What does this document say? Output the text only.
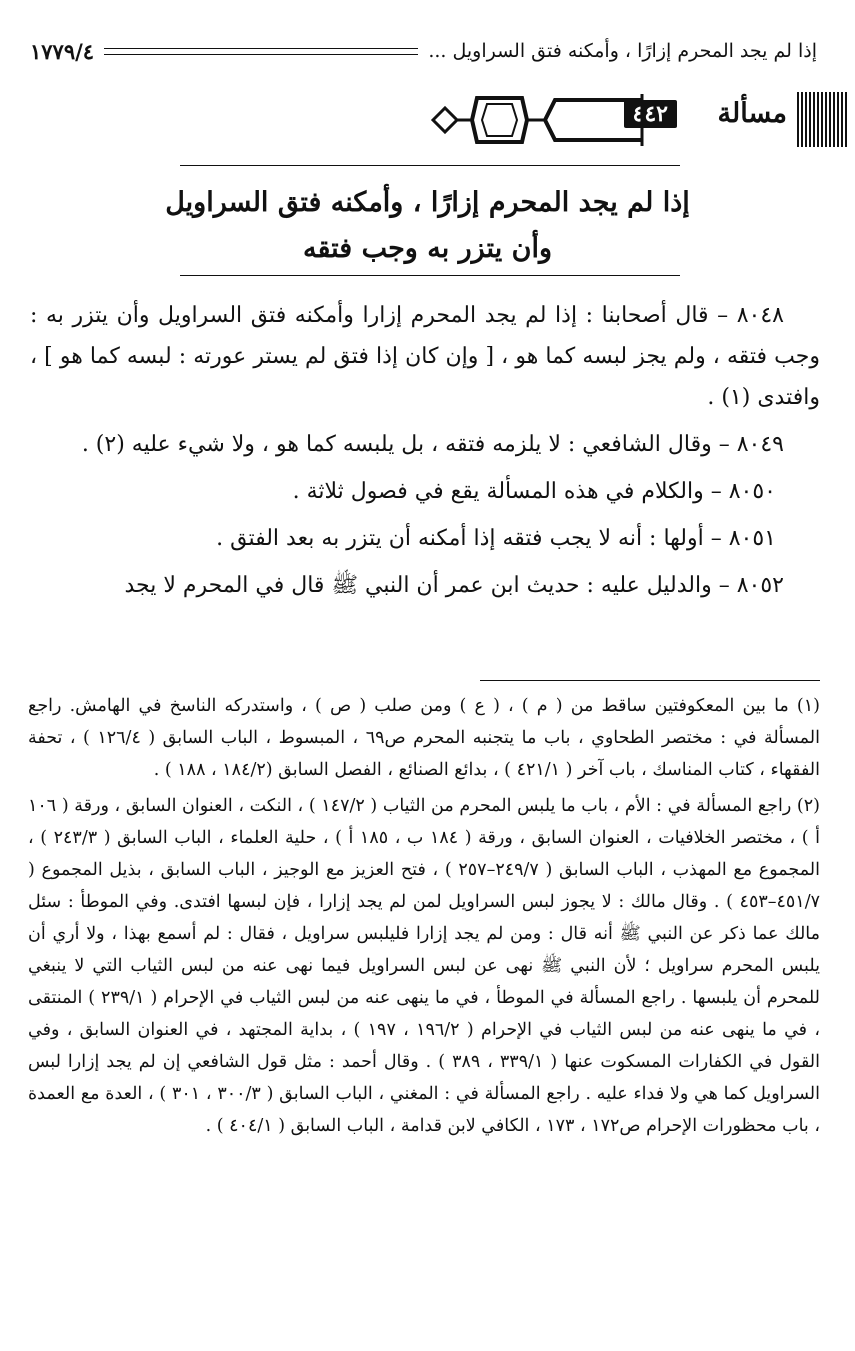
إذا لم يجد المحرم إزارًا ، وأمكنه فتق السراويل ...
١٧٧٩/٤
مسألة
٤٤٢
إذا لم يجد المحرم إزارًا ، وأمكنه فتق السراويل
وأن يتزر به وجب فتقه

٨٠٤٨ – قال أصحابنا : إذا لم يجد المحرم إزارا وأمكنه فتق السراويل وأن يتزر به : وجب فتقه ، ولم يجز لبسه كما هو ، [ وإن كان إذا فتق لم يستر عورته : لبسه كما هو ] ، وافتدى (١) .

٨٠٤٩ – وقال الشافعي : لا يلزمه فتقه ، بل يلبسه كما هو ، ولا شيء عليه (٢) .

٨٠٥٠ – والكلام في هذه المسألة يقع في فصول ثلاثة .

٨٠٥١ – أولها : أنه لا يجب فتقه إذا أمكنه أن يتزر به بعد الفتق .

٨٠٥٢ – والدليل عليه : حديث ابن عمر أن النبي ﷺ قال في المحرم لا يجد

(١) ما بين المعكوفتين ساقط من ( م ) ، ( ع ) ومن صلب ( ص ) ، واستدركه الناسخ في الهامش. راجع المسألة في : مختصر الطحاوي ، باب ما يتجنبه المحرم ص٦٩ ، المبسوط ، الباب السابق ( ١٢٦/٤ ) ، تحفة الفقهاء ، كتاب المناسك ، باب آخر ( ٤٢١/١ ) ، بدائع الصنائع ، الفصل السابق (١٨٤/٢ ، ١٨٨ ) .

(٢) راجع المسألة في : الأم ، باب ما يلبس المحرم من الثياب ( ١٤٧/٢ ) ، النكت ، العنوان السابق ، ورقة ( ١٠٦ أ ) ، مختصر الخلافيات ، العنوان السابق ، ورقة ( ١٨٤ ب ، ١٨٥ أ ) ، حلية العلماء ، الباب السابق ( ٢٤٣/٣ ) ، المجموع مع المهذب ، الباب السابق ( ٢٤٩/٧–٢٥٧ ) ، فتح العزيز مع الوجيز ، الباب السابق ، بذيل المجموع ( ٤٥١/٧–٤٥٣ ) . وقال مالك : لا يجوز لبس السراويل لمن لم يجد إزارا ، فإن لبسها افتدى. وفي الموطأ : سئل مالك عما ذكر عن النبي ﷺ أنه قال : ومن لم يجد إزارا فليلبس سراويل ، فقال : لم أسمع بهذا ، ولا أري أن يلبس المحرم سراويل ؛ لأن النبي ﷺ نهى عن لبس السراويل فيما نهى عنه من لبس الثياب التي لا ينبغي للمحرم أن يلبسها . راجع المسألة في الموطأ ، في ما ينهى عنه من لبس الثياب في الإحرام ( ٢٣٩/١ ) المنتقى ، في ما ينهى عنه من لبس الثياب في الإحرام ( ١٩٦/٢ ، ١٩٧ ) ، بداية المجتهد ، في العنوان السابق ، وفي القول في الكفارات المسكوت عنها ( ٣٣٩/١ ، ٣٨٩ ) . وقال أحمد : مثل قول الشافعي إن لم يجد إزارا لبس السراويل كما هي ولا فداء عليه . راجع المسألة في : المغني ، الباب السابق ( ٣٠٠/٣ ، ٣٠١ ) ، العدة مع العمدة ، باب محظورات الإحرام ص١٧٢ ، ١٧٣ ، الكافي لابن قدامة ، الباب السابق ( ٤٠٤/١ ) .
